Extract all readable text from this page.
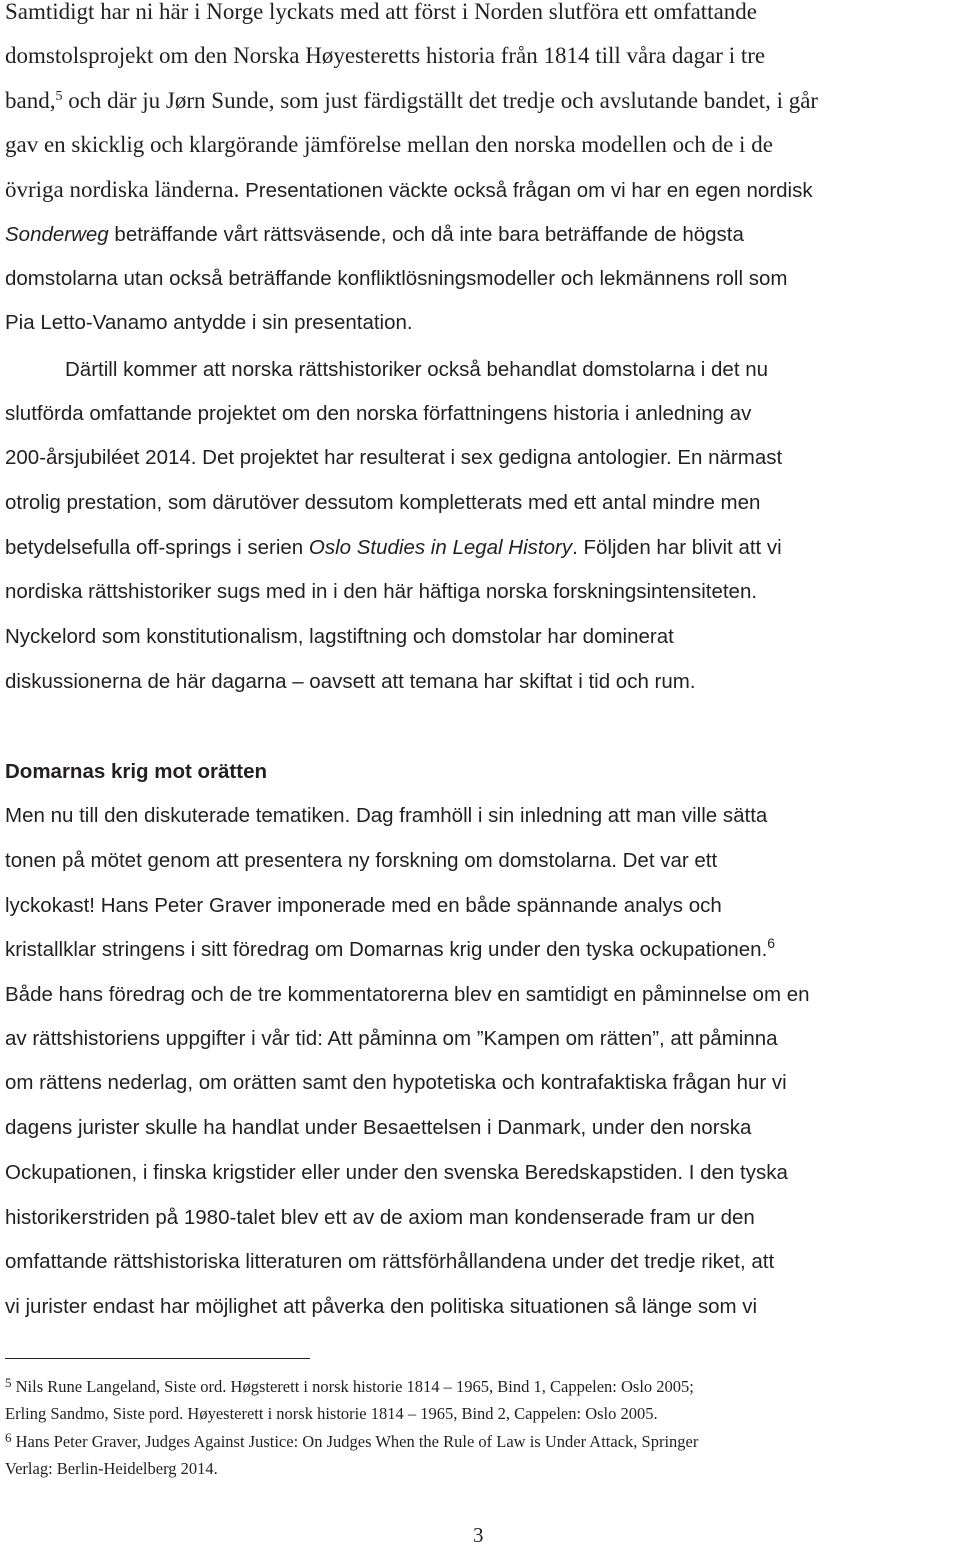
Samtidigt har ni här i Norge lyckats med att först i Norden slutföra ett omfattande
domstolsprojekt om den Norska Høyesteretts historia från 1814 till våra dagar i tre
band,$^5$ och där ju Jørn Sunde, som just färdigställt det tredje och avslutande bandet, i går
gav en skicklig och klargörande jämförelse mellan den norska modellen och de i de
övriga nordiska länderna. Presentationen väckte också frågan om vi har en egen nordisk
Sonderweg beträffande vårt rättsväsende, och då inte bara beträffande de högsta
domstolarna utan också beträffande konfliktlösningsmodeller och lekmännens roll som
Pia Letto-Vanamo antydde i sin presentation.
Därtill kommer att norska rättshistoriker också behandlat domstolarna i det nu
slutförda omfattande projektet om den norska författningens historia i anledning av
200-årsjubiléet 2014. Det projektet har resulterat i sex gedigna antologier. En närmast
otrolig prestation, som därutöver dessutom kompletterats med ett antal mindre men
betydelsefulla off-springs i serien Oslo Studies in Legal History. Följden har blivit att vi
nordiska rättshistoriker sugs med in i den här häftiga norska forskningsintensiteten.
Nyckelord som konstitutionalism, lagstiftning och domstolar har dominerat
diskussionerna de här dagarna – oavsett att temana har skiftat i tid och rum.
Domarnas krig mot orätten
Men nu till den diskuterade tematiken. Dag framhöll i sin inledning att man ville sätta
tonen på mötet genom att presentera ny forskning om domstolarna. Det var ett
lyckokast! Hans Peter Graver imponerade med en både spännande analys och
kristallklar stringens i sitt föredrag om Domarnas krig under den tyska ockupationen.$^6$
Både hans föredrag och de tre kommentatorerna blev en samtidigt en påminnelse om en
av rättshistoriens uppgifter i vår tid: Att påminna om ”Kampen om rätten”, att påminna
om rättens nederlag, om orätten samt den hypotetiska och kontrafaktiska frågan hur vi
dagens jurister skulle ha handlat under Besaettelsen i Danmark, under den norska
Ockupationen, i finska krigstider eller under den svenska Beredskapstiden. I den tyska
historikerstriden på 1980-talet blev ett av de axiom man kondenserade fram ur den
omfattande rättshistoriska litteraturen om rättsförhållandena under det tredje riket, att
vi jurister endast har möjlighet att påverka den politiska situationen så länge som vi
$^5$ Nils Rune Langeland, Siste ord. Høgsterett i norsk historie 1814 – 1965, Bind 1, Cappelen: Oslo 2005;
Erling Sandmo, Siste pord. Høyesterett i norsk historie 1814 – 1965, Bind 2, Cappelen: Oslo 2005.
$^6$ Hans Peter Graver, Judges Against Justice: On Judges When the Rule of Law is Under Attack, Springer
Verlag: Berlin-Heidelberg 2014.
3
